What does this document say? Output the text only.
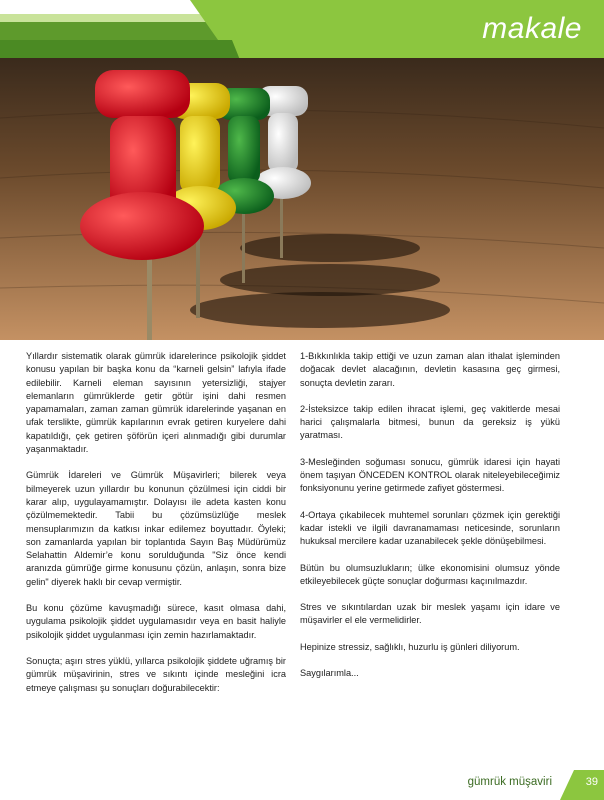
makale

Yıllardır sistematik olarak gümrük idarelerince psikolojik şiddet konusu yapılan bir başka konu da “karneli gelsin” lafıyla ifade edilebilir. Karneli eleman sayısının yetersizliği, stajyer elemanların gümrüklerde getir götür işini dahi resmen yapamamaları, zaman zaman gümrük idarelerinde yaşanan en ufak terslikte, gümrük kapılarının evrak getiren kuryelere dahi kapatıldığı, çek getiren şöförün içeri alınmadığı gibi durumlar yaşanmaktadır.

Gümrük İdareleri ve Gümrük Müşavirleri; bilerek veya bilmeyerek uzun yıllardır bu konunun çözülmesi için ciddi bir karar alıp, uygulayamamıştır. Dolayısı ile adeta kasten konu çözülmemektedir. Tabii bu çözümsüzlüğe meslek mensuplarımızın da katkısı inkar edilemez boyuttadır. Öyleki; son zamanlarda yapılan bir toplantıda Sayın Baş Müdürümüz Selahattin Aldemir’e konu sorulduğunda "Siz önce kendi aranızda gümrüğe girme konusunu çözün, anlaşın, sonra bize gelin" diyerek haklı bir cevap vermiştir.

Bu konu çözüme kavuşmadığı sürece, kasıt olmasa dahi, uygulama psikolojik şiddet uygulamasıdır veya en basit haliyle psikolojik şiddet uygulanması için zemin hazırlamaktadır.

Sonuçta; aşırı stres yüklü, yıllarca psikolojik şiddete uğramış bir gümrük müşavirinin, stres ve sıkıntı içinde mesleğini icra etmeye çalışması şu sonuçları doğurabilecektir:

1-Bıkkınlıkla takip ettiği ve uzun zaman alan ithalat işleminden doğacak devlet alacağının, devletin kasasına geç girmesi, sonuçta devletin zararı.

2-İsteksizce takip edilen ihracat işlemi, geç vakitlerde mesai harici çalışmalarla bitmesi, bunun da gereksiz iş yükü yaratması.

3-Mesleğinden soğuması sonucu, gümrük idaresi için hayati önem taşıyan ÖNCEDEN KONTROL olarak niteleyebileceğimiz fonksiyonunu yerine getirmede zafiyet göstermesi.

4-Ortaya çıkabilecek muhtemel sorunları çözmek için gerektiği kadar istekli ve ilgili davranamaması neticesinde, sorunların hukuksal mercilere kadar uzanabilecek şekle dönüşebilmesi.

Bütün bu olumsuzlukların; ülke ekonomisini olumsuz yönde etkileyebilecek güçte sonuçlar doğurması kaçınılmazdır.

Stres ve sıkıntılardan uzak bir meslek yaşamı için idare ve müşavirler el ele vermelidirler.

Hepinize stressiz, sağlıklı, huzurlu iş günleri diliyorum.

Saygılarımla...

gümrük müşaviri	39
